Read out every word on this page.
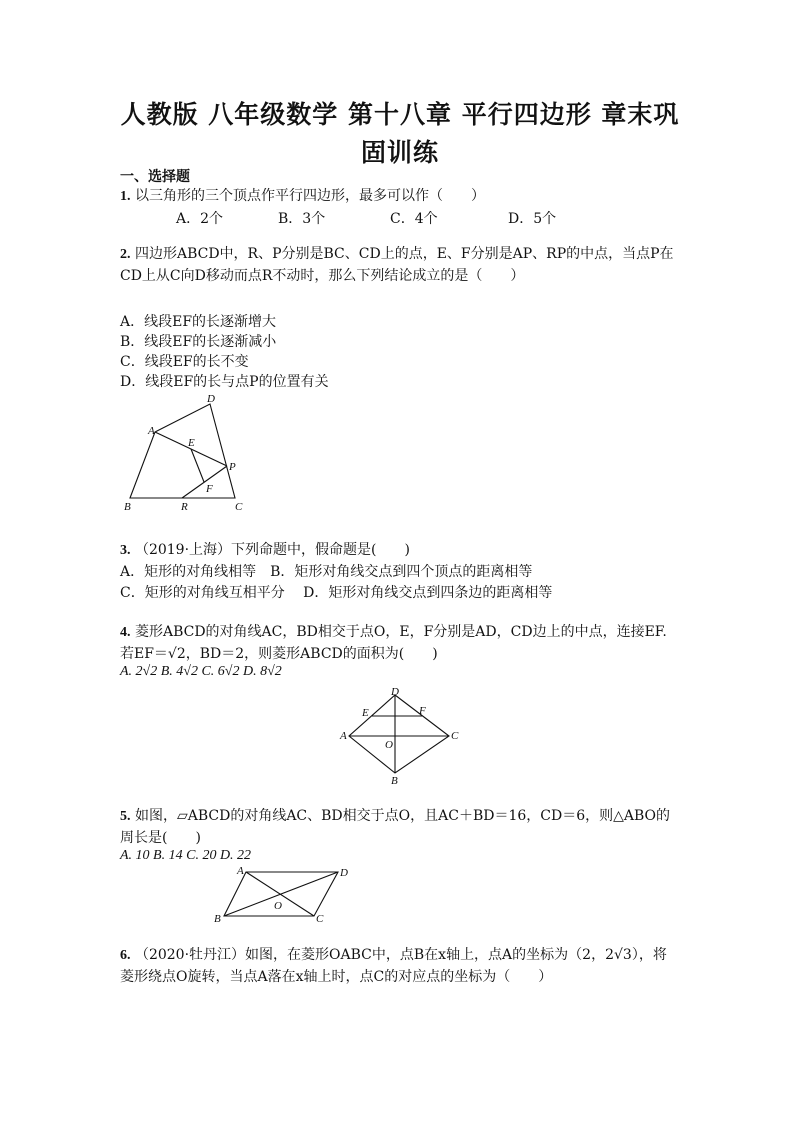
人教版 八年级数学 第十八章 平行四边形 章末巩固训练
一、选择题
1. 以三角形的三个顶点作平行四边形，最多可以作（　　）
A．2个	B．3个	C．4个	D．5个
2. 四边形ABCD中，R、P分别是BC、CD上的点，E、F分别是AP、RP的中点，当点P在CD上从C向D移动而点R不动时，那么下列结论成立的是（　　）
A．线段EF的长逐渐增大
B．线段EF的长逐渐减小
C．线段EF的长不变
D．线段EF的长与点P的位置有关
A
D
E
P
F
B	R	C
3. （2019·上海）下列命题中，假命题是(　　)
A．矩形的对角线相等　B．矩形对角线交点到四个顶点的距离相等
C．矩形的对角线互相平分　 D．矩形对角线交点到四条边的距离相等
4. 菱形ABCD的对角线AC，BD相交于点O，E，F分别是AD，CD边上的中点，连接EF.若EF＝√2，BD＝2，则菱形ABCD的面积为(　　)
A. 2√2 B. 4√2 C. 6√2 D. 8√2
D
E	F
A	C
O
B
5. 如图，▱ABCD的对角线AC、BD相交于点O，且AC＋BD＝16，CD＝6，则△ABO的周长是(　　)
A. 10 B. 14 C. 20 D. 22
A	D
O
B	C
6. （2020·牡丹江）如图，在菱形OABC中，点B在x轴上，点A的坐标为（2，2√3），将菱形绕点O旋转，当点A落在x轴上时，点C的对应点的坐标为（　　）
